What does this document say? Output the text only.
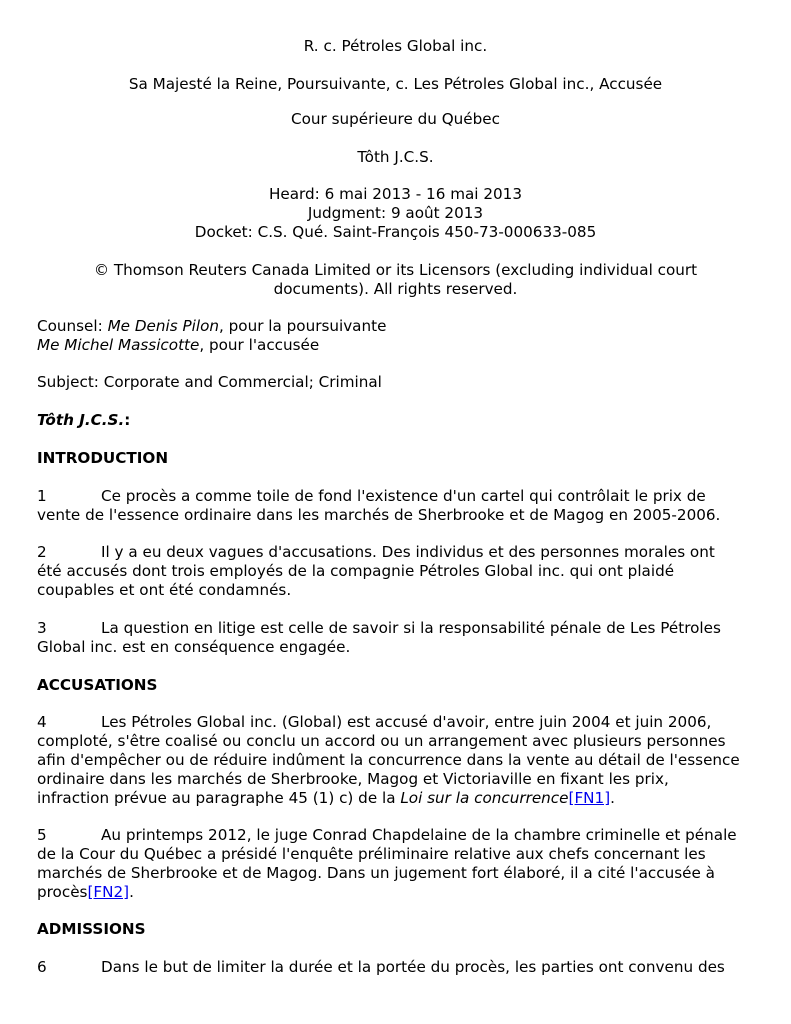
R. c. Pétroles Global inc.
Sa Majesté la Reine, Poursuivante, c. Les Pétroles Global inc., Accusée
Cour supérieure du Québec
Tôth J.C.S.
Heard: 6 mai 2013 - 16 mai 2013
Judgment: 9 août 2013
Docket: C.S. Qué. Saint-François 450-73-000633-085
© Thomson Reuters Canada Limited or its Licensors (excluding individual court
documents). All rights reserved.
Counsel: Me Denis Pilon, pour la poursuivante
Me Michel Massicotte, pour l'accusée
Subject: Corporate and Commercial; Criminal
Tôth J.C.S.:
INTRODUCTION
1	Ce procès a comme toile de fond l'existence d'un cartel qui contrôlait le prix de
vente de l'essence ordinaire dans les marchés de Sherbrooke et de Magog en 2005-2006.
2	Il y a eu deux vagues d'accusations. Des individus et des personnes morales ont
été accusés dont trois employés de la compagnie Pétroles Global inc. qui ont plaidé
coupables et ont été condamnés.
3	La question en litige est celle de savoir si la responsabilité pénale de Les Pétroles
Global inc. est en conséquence engagée.
ACCUSATIONS
4	Les Pétroles Global inc. (Global) est accusé d'avoir, entre juin 2004 et juin 2006,
comploté, s'être coalisé ou conclu un accord ou un arrangement avec plusieurs personnes
afin d'empêcher ou de réduire indûment la concurrence dans la vente au détail de l'essence
ordinaire dans les marchés de Sherbrooke, Magog et Victoriaville en fixant les prix,
infraction prévue au paragraphe 45 (1) c) de la Loi sur la concurrence[FN1].
5	Au printemps 2012, le juge Conrad Chapdelaine de la chambre criminelle et pénale
de la Cour du Québec a présidé l'enquête préliminaire relative aux chefs concernant les
marchés de Sherbrooke et de Magog. Dans un jugement fort élaboré, il a cité l'accusée à
procès[FN2].
ADMISSIONS
6	Dans le but de limiter la durée et la portée du procès, les parties ont convenu des
